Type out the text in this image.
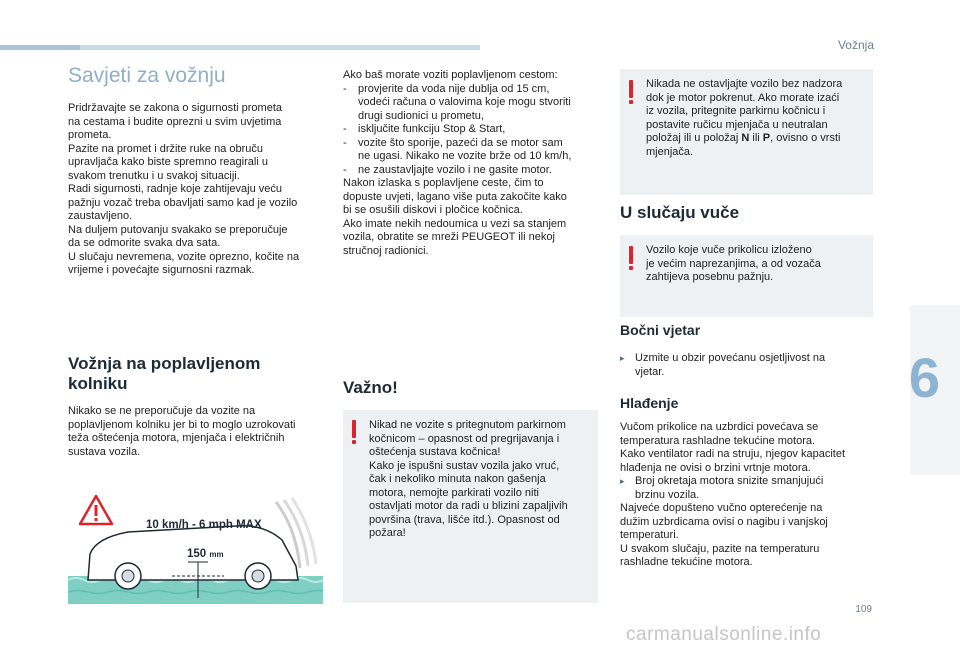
Vožnja
6
Savjeti za vožnju

Pridržavajte se zakona o sigurnosti prometa
na cestama i budite oprezni u svim uvjetima
prometa.

Pazite na promet i držite ruke na obruču
upravljača kako biste spremno reagirali u
svakom trenutku i u svakoj situaciji.

Radi sigurnosti, radnje koje zahtijevaju veću
pažnju vozač treba obavljati samo kad je vozilo
zaustavljeno.

Na duljem putovanju svakako se preporučuje
da se odmorite svaka dva sata.

U slučaju nevremena, vozite oprezno, kočite na
vrijeme i povećajte sigurnosni razmak.

Vožnja na poplavljenom
kolniku

Nikako se ne preporučuje da vozite na
poplavljenom kolniku jer bi to moglo uzrokovati
teža oštećenja motora, mjenjača i električnih
sustava vozila.

10 km/h - 6 mph MAX
150 mm

Ako baš morate voziti poplavljenom cestom:

- provjerite da voda nije dublja od 15 cm,
vodeći računa o valovima koje mogu stvoriti
drugi sudionici u prometu,
- isključite funkciju Stop & Start,
- vozite što sporije, pazeći da se motor sam
ne ugasi. Nikako ne vozite brže od 10 km/h,
- ne zaustavljajte vozilo i ne gasite motor.

Nakon izlaska s poplavljene ceste, čim to
dopuste uvjeti, lagano više puta zakočite kako
bi se osušili diskovi i pločice kočnica.

Ako imate nekih nedoumica u vezi sa stanjem
vozila, obratite se mreži PEUGEOT ili nekoj
stručnoj radionici.

Važno!

Nikad ne vozite s pritegnutom parkirnom
kočnicom – opasnost od pregrijavanja i
oštećenja sustava kočnica!
Kako je ispušni sustav vozila jako vruć,
čak i nekoliko minuta nakon gašenja
motora, nemojte parkirati vozilo niti
ostavljati motor da radi u blizini zapaljivih
površina (trava, lišće itd.). Opasnost od
požara!

Nikada ne ostavljajte vozilo bez nadzora
dok je motor pokrenut. Ako morate izaći
iz vozila, pritegnite parkirnu kočnicu i
postavite ručicu mjenjača u neutralan
položaj ili u položaj N ili P, ovisno o vrsti
mjenjača.

U slučaju vuče

Vozilo koje vuče prikolicu izloženo
je većim naprezanjima, a od vozača
zahtijeva posebnu pažnju.

Bočni vjetar
▸ Uzmite u obzir povećanu osjetljivost na
vjetar.
Hlađenje

Vučom prikolice na uzbrdici povećava se
temperatura rashladne tekućine motora.
Kako ventilator radi na struju, njegov kapacitet
hlađenja ne ovisi o brzini vrtnje motora.

▸ Broj okretaja motora snizite smanjujući
brzinu vozila.

Najveće dopušteno vučno opterećenje na
dužim uzbrdicama ovisi o nagibu i vanjskoj
temperaturi.
U svakom slučaju, pazite na temperaturu
rashladne tekućine motora.

109
carmanualsonline.info
